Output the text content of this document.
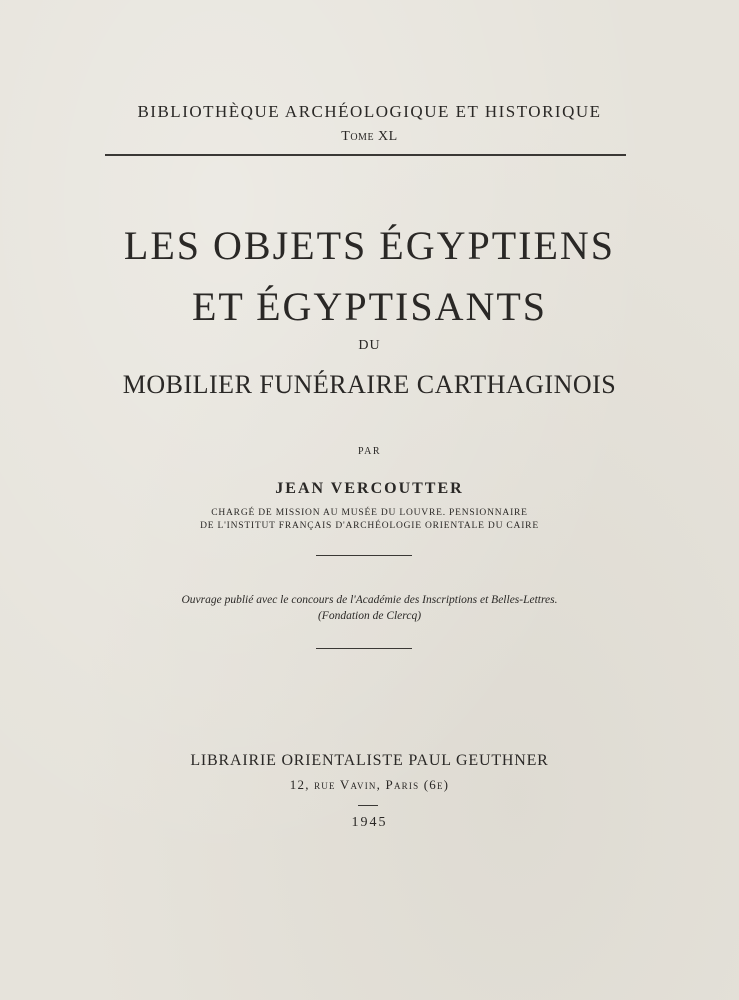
BIBLIOTHÈQUE ARCHÉOLOGIQUE ET HISTORIQUE
Tome XL
LES OBJETS ÉGYPTIENS
ET ÉGYPTISANTS
DU
MOBILIER FUNÉRAIRE CARTHAGINOIS
PAR
JEAN VERCOUTTER
CHARGÉ DE MISSION AU MUSÉE DU LOUVRE. PENSIONNAIRE
DE L'INSTITUT FRANÇAIS D'ARCHÉOLOGIE ORIENTALE DU CAIRE
Ouvrage publié avec le concours de l'Académie des Inscriptions et Belles-Lettres.
(Fondation de Clercq)
LIBRAIRIE ORIENTALISTE PAUL GEUTHNER
12, rue Vavin, Paris (6e)
1945
